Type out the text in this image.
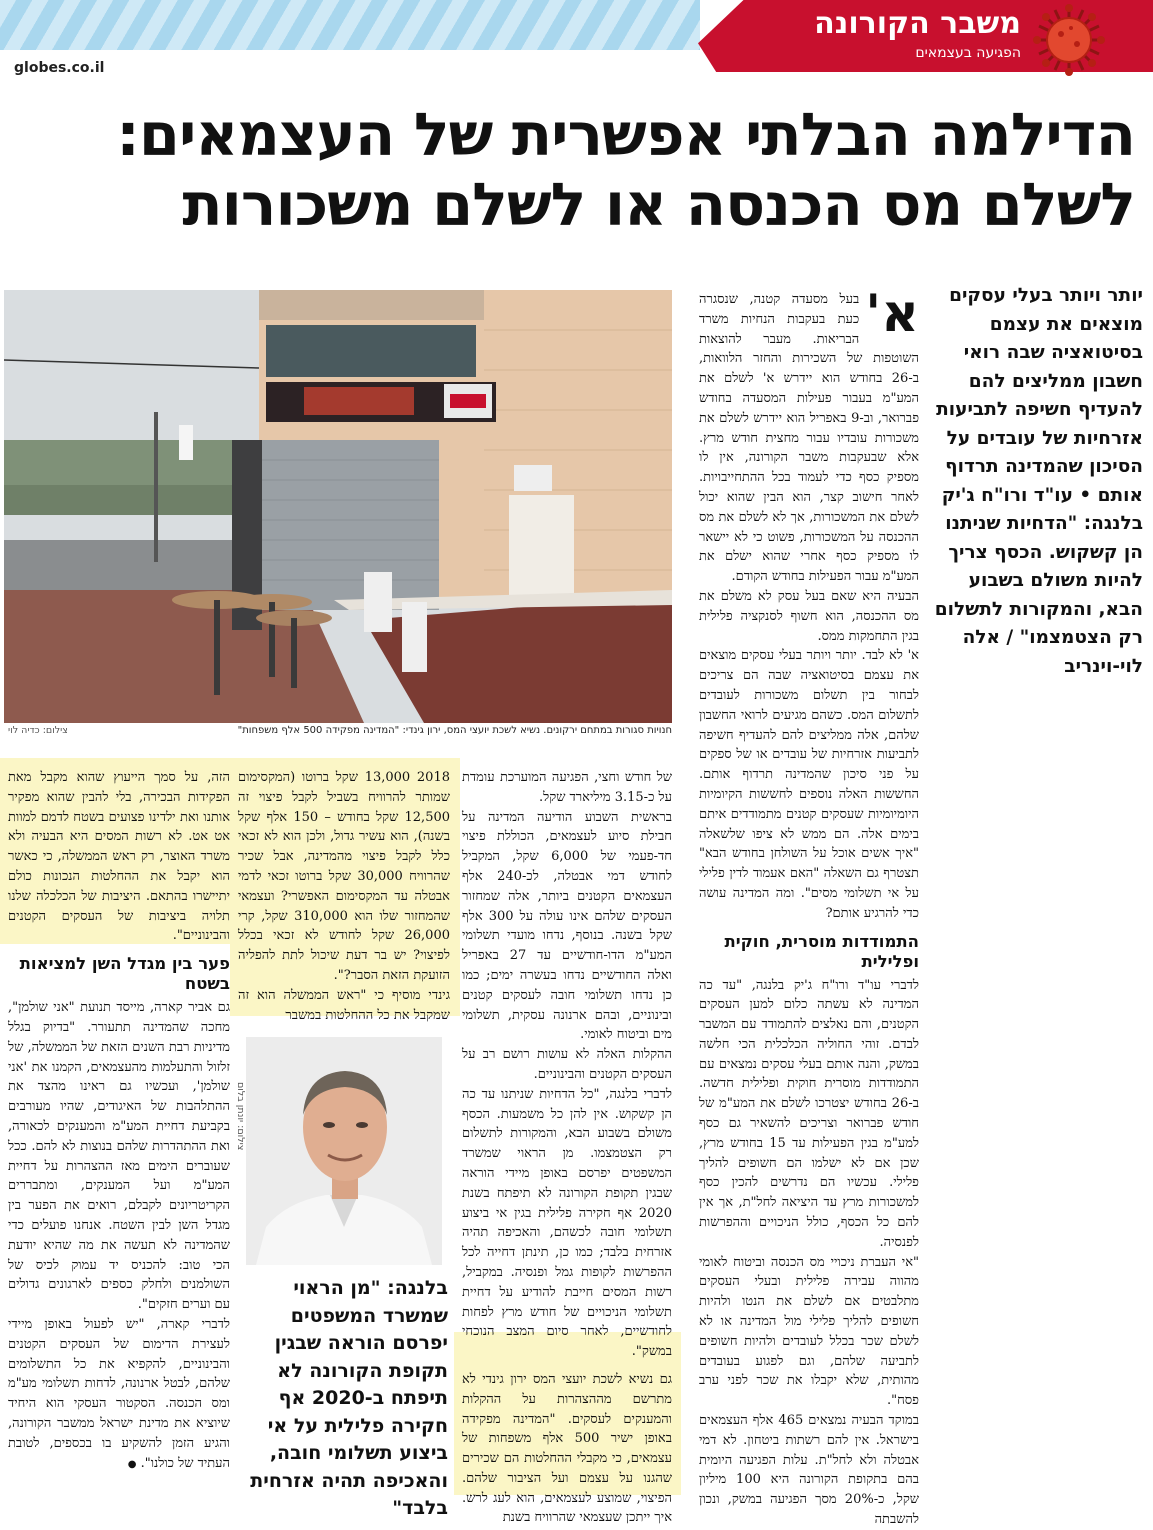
משבר הקורונה
הפגיעה בעצמאים
globes.co.il
הדילמה הבלתי אפשרית של העצמאים: לשלם מס הכנסה או לשלם משכורות
יותר ויותר בעלי עסקים מוצאים את עצמם בסיטואציה שבה רואי חשבון ממליצים להם להעדיף חשיפה לתביעות אזרחיות של עובדים על הסיכון שהמדינה תרדוף אותם • עו"ד ורו"ח ג'יק בלנגה: "הדחיות שניתנו הן קשקוש. הכסף צריך להיות משולם בשבוע הבא, והמקורות לתשלום רק הצטמצמו" / אלה לוי-וינריב

א'
בעל מסעדה קטנה, שנסגרה כעת בעקבות הנחיות משרד הבריאות. מעבר להוצאות השוטפות של השכירות והחזר הלוואות, ב-26 בחודש הוא יידרש א' לשלם את המע"מ בעבור פעילות המסעדה בחודש פברואר, וב-9 באפריל הוא יידרש לשלם את משכורות עובדיו עבור מחצית חודש מרץ. אלא שבעקבות משבר הקורונה, אין לו מספיק כסף כדי לעמוד בכל ההתחייבויות. לאחר חישוב קצר, הוא הבין שהוא יכול לשלם את המשכורות, אך לא לשלם את מס ההכנסה על המשכורות, פשוט כי לא יישאר לו מספיק כסף אחרי שהוא ישלם את המע"מ עבור הפעילות בחודש הקודם.

הבעיה היא שאם בעל עסק לא משלם את מס ההכנסה, הוא חשוף לסנקציה פלילית בגין התחמקות ממס.

א' לא לבד. יותר ויותר בעלי עסקים מוצאים את עצמם בסיטואציה שבה הם צריכים לבחור בין תשלום משכורות לעובדים לתשלום המס. כשהם מגיעים לרואי החשבון שלהם, אלה ממליצים להם להעדיף חשיפה לתביעות אזרחיות של עובדים או של ספקים על פני סיכון שהמדינה תרדוף אותם. החששות האלה נוספים לחששות הקיומיות היומיומיות שעסקים קטנים מתמודדים איתם בימים אלה. הם ממש לא ציפו שלשאלה "איך אשים אוכל על השולחן בחודש הבא" תצטרף גם השאלה "האם אעמוד לדין פלילי על אי תשלומי מסים". ומה המדינה עושה כדי להרגיע אותם?

התמודדות מוסרית, חוקית ופלילית

לדברי עו"ד ורו"ח ג'יק בלנגה, "עד כה המדינה לא עשתה כלום למען העסקים הקטנים, והם נאלצים להתמודד עם המשבר לבדם. זוהי החוליה הכלכלית הכי חלשה במשק, והנה אותם בעלי עסקים נמצאים עם התמודדות מוסרית חוקית ופלילית חדשה. ב-26 בחודש יצטרכו לשלם את המע"מ של חודש פברואר וצריכים להשאיר גם כסף למע"מ בגין הפעילות עד 15 בחודש מרץ, שכן אם לא ישלמו הם חשופים להליך פלילי. עכשיו הם נדרשים להכין כסף למשכורות מרץ עד היציאה לחל"ת, אך אין להם כל הכסף, כולל הניכויים וההפרשות לפנסיה.

"אי העברת ניכויי מס הכנסה וביטוח לאומי מהווה עבירה פלילית ובעלי העסקים מתלבטים אם לשלם את הנטו ולהיות חשופים להליך פלילי מול המדינה או לא לשלם שכר בכלל לעובדים ולהיות חשופים לתביעה שלהם, וגם לפגוע בעובדים מהותית, שלא יקבלו את שכר לפני ערב פסח".

במוקד הבעיה נמצאים 465 אלף העצמאים בישראל. אין להם רשתות ביטחון. לא דמי אבטלה ולא לחל"ת. עלות הפגיעה היומית בהם בתקופת הקורונה היא 100 מיליון שקל, כ-20% מסך הפגיעה במשק, ונכון להשבתה

חנויות סגורות במתחם ירקונים. נשיא לשכת יועצי המס, ירון גינדי: "המדינה מפקידה 500 אלף משפחות"
צילום: כדיה לוי

של חודש וחצי, הפגיעה המוערכת עומדת על כ-3.15 מיליארד שקל.

בראשית השבוע הודיעה המדינה על חבילת סיוע לעצמאים, הכוללת פיצוי חד-פעמי של 6,000 שקל, המקביל לחודש דמי אבטלה, לכ-240 אלף העצמאים הקטנים ביותר, אלה שמחזור העסקים שלהם אינו עולה על 300 אלף שקל בשנה. בנוסף, נדחו מועדי תשלומי המע"מ הדו-חודשיים עד 27 באפריל ואלה החודשיים נדחו בעשרה ימים; כמו כן נדחו תשלומי חובה לעסקים קטנים ובינוניים, ובהם ארנונה עסקית, תשלומי מים וביטוח לאומי.

ההקלות האלה לא עושות רושם רב על העסקים הקטנים והבינוניים.

לדברי בלנגה, "כל הדחיות שניתנו עד כה הן קשקוש. אין להן כל משמעות. הכסף משולם בשבוע הבא, והמקורות לתשלום רק הצטמצמו. מן הראוי שמשרד המשפטים יפרסם באופן מיידי הוראה שבגין תקופת הקורונה לא תיפתח בשנת 2020 אף חקירה פלילית בגין אי ביצוע תשלומי חובה לכשהם, והאכיפה תהיה אזרחית בלבד; כמו כן, תינתן דחייה לכל ההפרשות לקופות גמל ופנסיה. במקביל, רשות המסים חייבת להודיע על דחיית תשלומי הניכויים של חודש מרץ לפחות לחודשיים, לאחר סיום המצב הנוכחי במשק".

גם נשיא לשכת יועצי המס ירון גינדי לא מתרשם מההצהרות על ההקלות והמענקים לעסקים. "המדינה מפקידה באופן ישיר 500 אלף משפחות של עצמאים, כי מקבלי ההחלטות הם שכירים שהגנו על עצמם ועל הציבור שלהם. הפיצוי, שמוצע לעצמאים, הוא לעג לרש. איך ייתכן שעצמאי שהרוויח בשנת

2018 13,000 שקל ברוטו (המקסימום שמותר להרוויח בשביל לקבל פיצוי זה 12,500 שקל בחודש – 150 אלף שקל בשנה), הוא עשיר גדול, ולכן הוא לא זכאי כלל לקבל פיצוי מהמדינה, אבל שכיר שהרוויח 30,000 שקל ברוטו זכאי לדמי אבטלה עד המקסימום האפשרי? ועצמאי שהמחזור שלו הוא 310,000 שקל, קרי 26,000 שקל לחודש לא זכאי בכלל לפיצוי? יש בר דעת שיכול לתת להפליה הזועקת הזאת הסבר?".

גינדי מוסיף כי "ראש הממשלה הוא זה שמקבל את כל ההחלטות במשבר

צילום: יונתן בלום
בלנגה: "מן הראוי שמשרד המשפטים יפרסם הוראה שבגין תקופת הקורונה לא תיפתח ב-2020 אף חקירה פלילית על אי ביצוע תשלומי חובה, והאכיפה תהיה אזרחית בלבד"

הזה, על סמך הייעוץ שהוא מקבל מאת הפקידות הבכירה, בלי להבין שהוא מפקיר אותנו ואת ילדינו פצועים בשטח לדמם למוות אט אט. לא רשות המסים היא הבעיה ולא משרד האוצר, רק ראש הממשלה, כי כאשר הוא יקבל את ההחלטות הנכונות כולם יתיישרו בהתאם. היציבות של הכלכלה שלנו תלויה ביציבות של העסקים הקטנים והבינוניים".

פער בין מגדל השן למציאות בשטח

גם אביר קארה, מייסד תנועת "אני שולמן", מחכה שהמדינה תתעורר. "בדיוק בגלל מדיניות רבת השנים הזאת של הממשלה, של זלזול והתעלמות מהעצמאים, הקמנו את 'אני שולמן', ועכשיו גם ראינו מהצד את ההתלהבות של האיגודים, שהיו מעורבים בקביעת דחיית המע"מ והמענקים לכאורה, ואת ההתהדרות שלהם בנוצות לא להם. ככל שעוברים הימים מאז ההצהרות על דחיית המע"מ ועל המענקים, ומתבררים הקריטריונים לקבלם, רואים את הפער בין מגדל השן לבין השטח. אנחנו פועלים כדי שהמדינה לא תעשה את מה שהיא יודעת הכי טוב: להכניס יד עמוק לכיס של השולמנים ולחלק כספים לארגונים גדולים עם וערים חזקים".

לדברי קארה, "יש לפעול באופן מיידי לעצירת הדימום של העסקים הקטנים והבינוניים, להקפיא את כל התשלומים שלהם, לבטל ארנונה, לדחות תשלומי מע"מ ומס הכנסה. הסקטור העסקי הוא היחיד שיוציא את מדינת ישראל ממשבר הקורונה, והגיע הזמן להשקיע בו בכספים, לטובת העתיד של כולנו". ●
